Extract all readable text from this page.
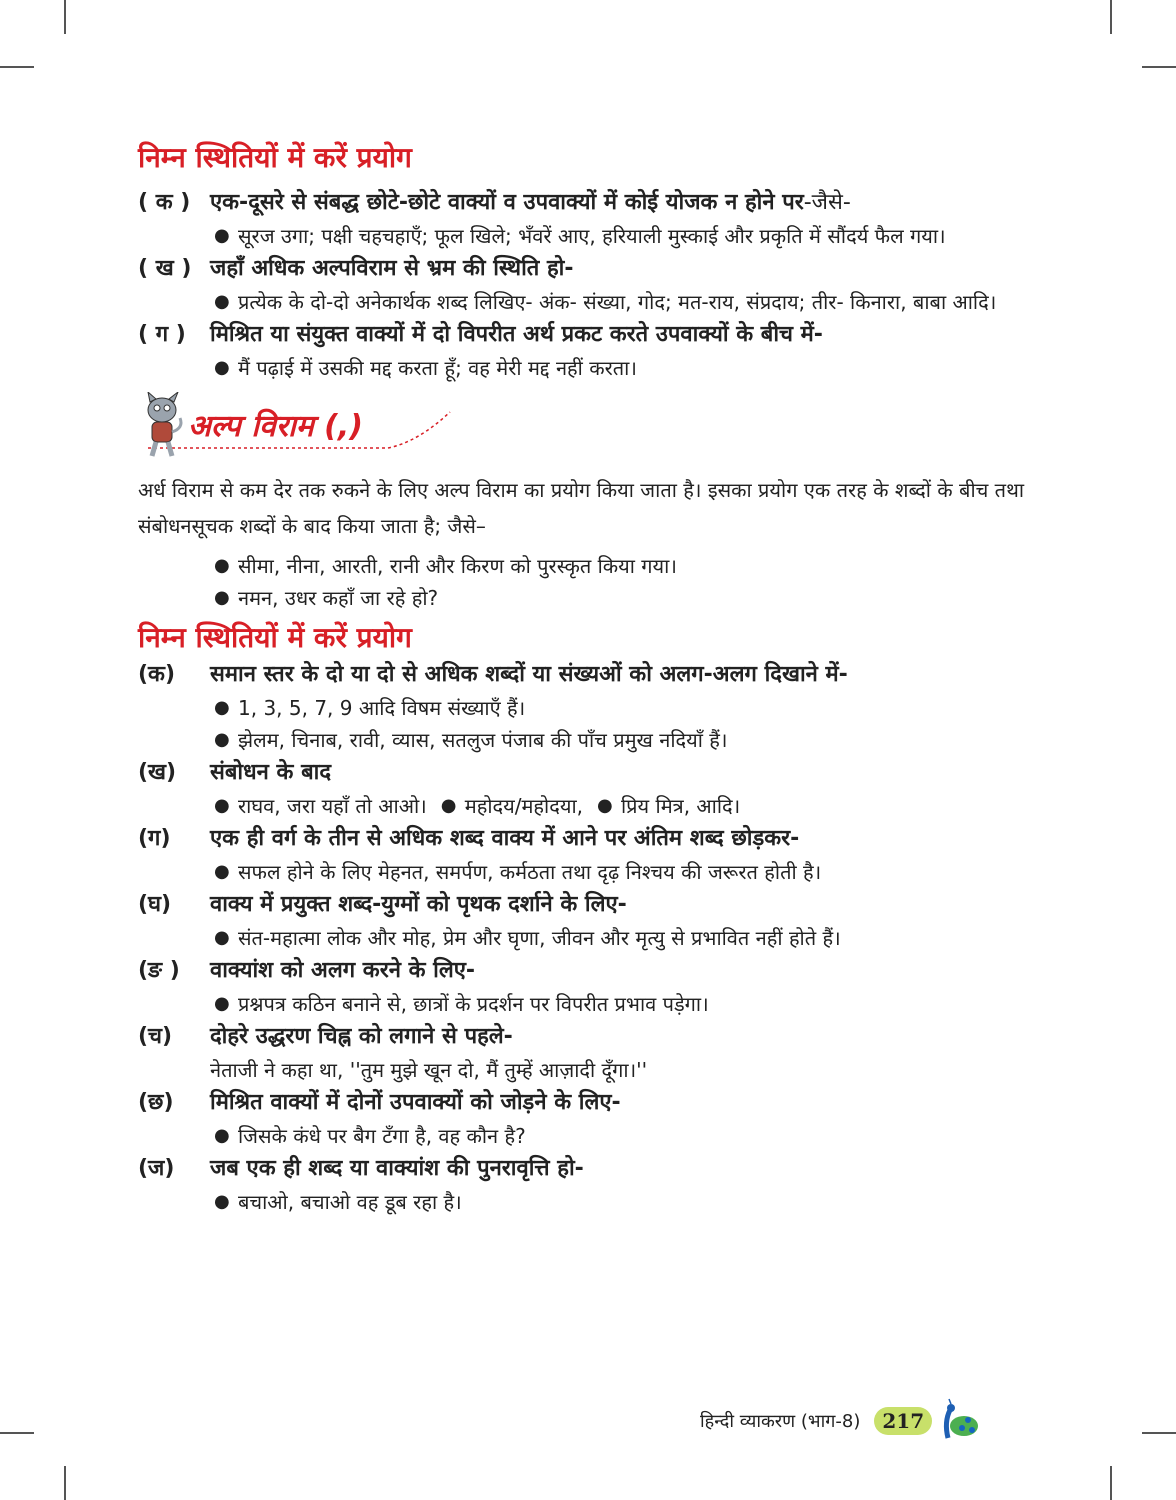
निम्न स्थितियों में करें प्रयोग
( क ) एक-दूसरे से संबद्ध छोटे-छोटे वाक्यों व उपवाक्यों में कोई योजक न होने पर-जैसे-
● सूरज उगा; पक्षी चहचहाएँ; फूल खिले; भँवरें आए, हरियाली मुस्काई और प्रकृति में सौंदर्य फैल गया।
( ख ) जहाँ अधिक अल्पविराम से भ्रम की स्थिति हो-
● प्रत्येक के दो-दो अनेकार्थक शब्द लिखिए- अंक- संख्या, गोद; मत-राय, संप्रदाय; तीर- किनारा, बाबा आदि।
( ग )	मिश्रित या संयुक्त वाक्यों में दो विपरीत अर्थ प्रकट करते उपवाक्यों के बीच में-
● मैं पढ़ाई में उसकी मद्द करता हूँ; वह मेरी मद्द नहीं करता।
अल्प विराम (,)

अर्ध विराम से कम देर तक रुकने के लिए अल्प विराम का प्रयोग किया जाता है। इसका प्रयोग एक तरह के शब्दों के बीच तथा संबोधनसूचक शब्दों के बाद किया जाता है; जैसे–

● सीमा, नीना, आरती, रानी और किरण को पुरस्कृत किया गया।
● नमन, उधर कहाँ जा रहे हो?
निम्न स्थितियों में करें प्रयोग
(क)	समान स्तर के दो या दो से अधिक शब्दों या संख्यओं को अलग-अलग दिखाने में-
● 1, 3, 5, 7, 9 आदि विषम संख्याएँ हैं।
● झेलम, चिनाब, रावी, व्यास, सतलुज पंजाब की पाँच प्रमुख नदियाँ हैं।
(ख)	संबोधन के बाद
● राघव, जरा यहाँ तो आओ। ● महोदय/महोदया, ● प्रिय मित्र, आदि।
(ग)	एक ही वर्ग के तीन से अधिक शब्द वाक्य में आने पर अंतिम शब्द छोड़कर-
● सफल होने के लिए मेहनत, समर्पण, कर्मठता तथा दृढ़ निश्चय की जरूरत होती है।
(घ)	वाक्य में प्रयुक्त शब्द-युग्मों को पृथक दर्शाने के लिए-
● संत-महात्मा लोक और मोह, प्रेम और घृणा, जीवन और मृत्यु से प्रभावित नहीं होते हैं।
(ङ )	वाक्यांश को अलग करने के लिए-
● प्रश्नपत्र कठिन बनाने से, छात्रों के प्रदर्शन पर विपरीत प्रभाव पड़ेगा।
(च)	दोहरे उद्धरण चिह्न को लगाने से पहले-
नेताजी ने कहा था, ''तुम मुझे खून दो, मैं तुम्हें आज़ादी दूँगा।''
(छ)	मिश्रित वाक्यों में दोनों उपवाक्यों को जोड़ने के लिए-
● जिसके कंधे पर बैग टँगा है, वह कौन है?
(ज)	जब एक ही शब्द या वाक्यांश की पुनरावृत्ति हो-
● बचाओ, बचाओ वह डूब रहा है।
हिन्दी व्याकरण (भाग-8)	217
